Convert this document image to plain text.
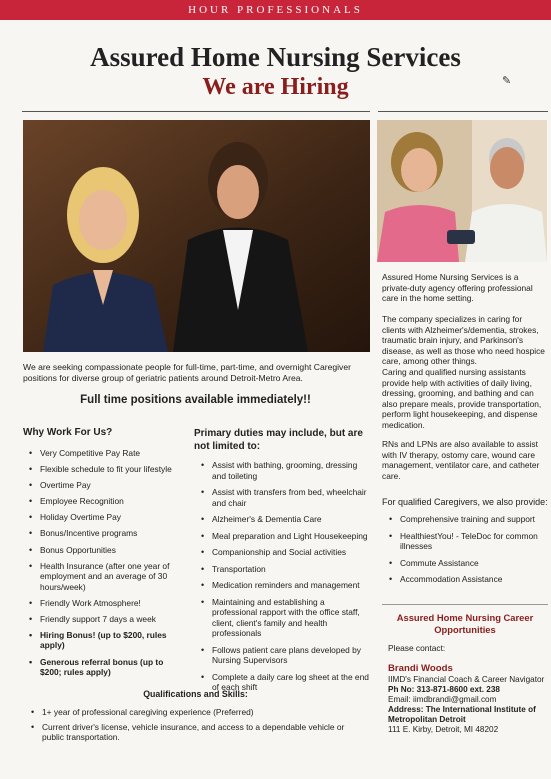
HOUR PROFESSIONALS
Assured Home Nursing Services
We are Hiring	✎
We are seeking compassionate people for full-time, part-time, and overnight Caregiver positions for diverse group of geriatric patients around Detroit-Metro Area.
Full time positions available immediately!!
Why Work For Us?
• Very Competitive Pay Rate
• Flexible schedule to fit your lifestyle
• Overtime Pay
• Employee Recognition
• Holiday Overtime Pay
• Bonus/Incentive programs
• Bonus Opportunities
• Health Insurance (after one year of employment and an average of 30 hours/week)
• Friendly Work Atmosphere!
• Friendly support 7 days a week
• Hiring Bonus! (up to $200, rules apply)
• Generous referral bonus (up to $200; rules apply)
Primary duties may include, but are not limited to:
• Assist with bathing, grooming, dressing and toileting
• Assist with transfers from bed, wheelchair and chair
• Alzheimer's & Dementia Care
• Meal preparation and Light Housekeeping
• Companionship and Social activities
• Transportation
• Medication reminders and management
• Maintaining and establishing a professional rapport with the office staff, client, client's family and health professionals
• Follows patient care plans developed by Nursing Supervisors
• Complete a daily care log sheet at the end of each shift
Qualifications and Skills:
• 1+ year of professional caregiving experience (Preferred)
• Current driver's license, vehicle insurance, and access to a dependable vehicle or public transportation.
Assured Home Nursing Services is a private-duty agency offering professional care in the home setting.
The company specializes in caring for clients with Alzheimer's/dementia, strokes, traumatic brain injury, and Parkinson's disease, as well as those who need hospice care, among other things.
Caring and qualified nursing assistants provide help with activities of daily living, dressing, grooming, and bathing and can also prepare meals, provide transportation, perform light housekeeping, and dispense medication.
RNs and LPNs are also available to assist with IV therapy, ostomy care, wound care management, ventilator care, and catheter care.
For qualified Caregivers, we also provide:
• Comprehensive training and support
• HealthiestYou! - TeleDoc for common illnesses
• Commute Assistance
• Accommodation Assistance
Assured Home Nursing Career Opportunities
Please contact:
Brandi Woods
IIMD's Financial Coach & Career Navigator
Ph No: 313-871-8600 ext. 238
Email: iimdbrandi@gmail.com
Address: The International Institute of Metropolitan Detroit
111 E. Kirby, Detroit, MI 48202
